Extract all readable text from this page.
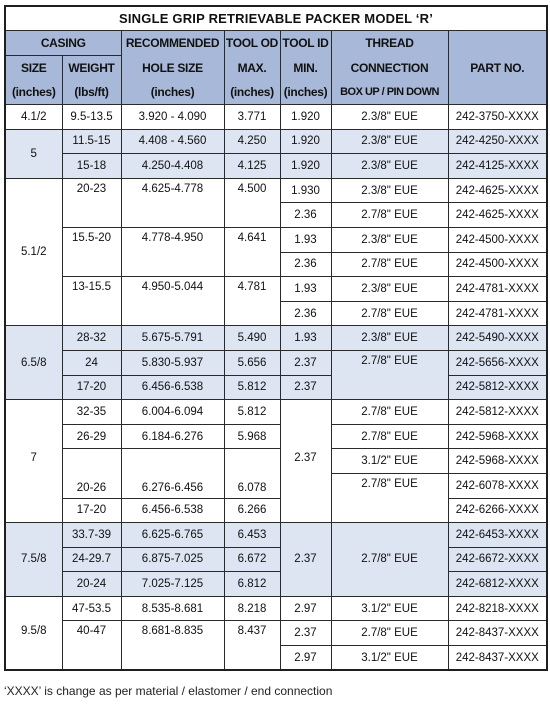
SINGLE GRIP RETRIEVABLE PACKER MODEL ‘R’						
CASING		RECOMMENDED	TOOL OD	TOOL ID	THREAD	PART NO.
SIZE	WEIGHT	HOLE SIZE	MAX.	MIN.	CONNECTION	
(inches)	(lbs/ft)	(inches)	(inches)	(inches)	BOX UP / PIN DOWN	
4.1/2	9.5-13.5	3.920 - 4.090	3.771	1.920	2.3/8" EUE	242-3750-XXXX
5	11.5-15	4.408 - 4.560	4.250	1.920	2.3/8" EUE	242-4250-XXXX
	15-18	4.250-4.408	4.125	1.920	2.3/8" EUE	242-4125-XXXX
5.1/2	20-23	4.625-4.778	4.500	1.930	2.3/8" EUE	242-4625-XXXX
				2.36	2.7/8" EUE	242-4625-XXXX
	15.5-20	4.778-4.950	4.641	1.93	2.3/8" EUE	242-4500-XXXX
				2.36	2.7/8" EUE	242-4500-XXXX
	13-15.5	4.950-5.044	4.781	1.93	2.3/8" EUE	242-4781-XXXX
				2.36	2.7/8" EUE	242-4781-XXXX
6.5/8	28-32	5.675-5.791	5.490	1.93	2.3/8" EUE	242-5490-XXXX
	24	5.830-5.937	5.656	2.37	2.7/8" EUE	242-5656-XXXX
	17-20	6.456-6.538	5.812	2.37		242-5812-XXXX
7	32-35	6.004-6.094	5.812	2.37	2.7/8" EUE	242-5812-XXXX
	26-29	6.184-6.276	5.968		2.7/8" EUE	242-5968-XXXX
	20-26	6.276-6.456	6.078		3.1/2" EUE	242-5968-XXXX
					2.7/8" EUE	242-6078-XXXX
	17-20	6.456-6.538	6.266			242-6266-XXXX
7.5/8	33.7-39	6.625-6.765	6.453	2.37	2.7/8" EUE	242-6453-XXXX
	24-29.7	6.875-7.025	6.672			242-6672-XXXX
	20-24	7.025-7.125	6.812			242-6812-XXXX
9.5/8	47-53.5	8.535-8.681	8.218	2.97	3.1/2" EUE	242-8218-XXXX
	40-47	8.681-8.835	8.437	2.37	2.7/8" EUE	242-8437-XXXX
				2.97	3.1/2" EUE	242-8437-XXXX

‘XXXX’ is change as per material / elastomer / end connection
